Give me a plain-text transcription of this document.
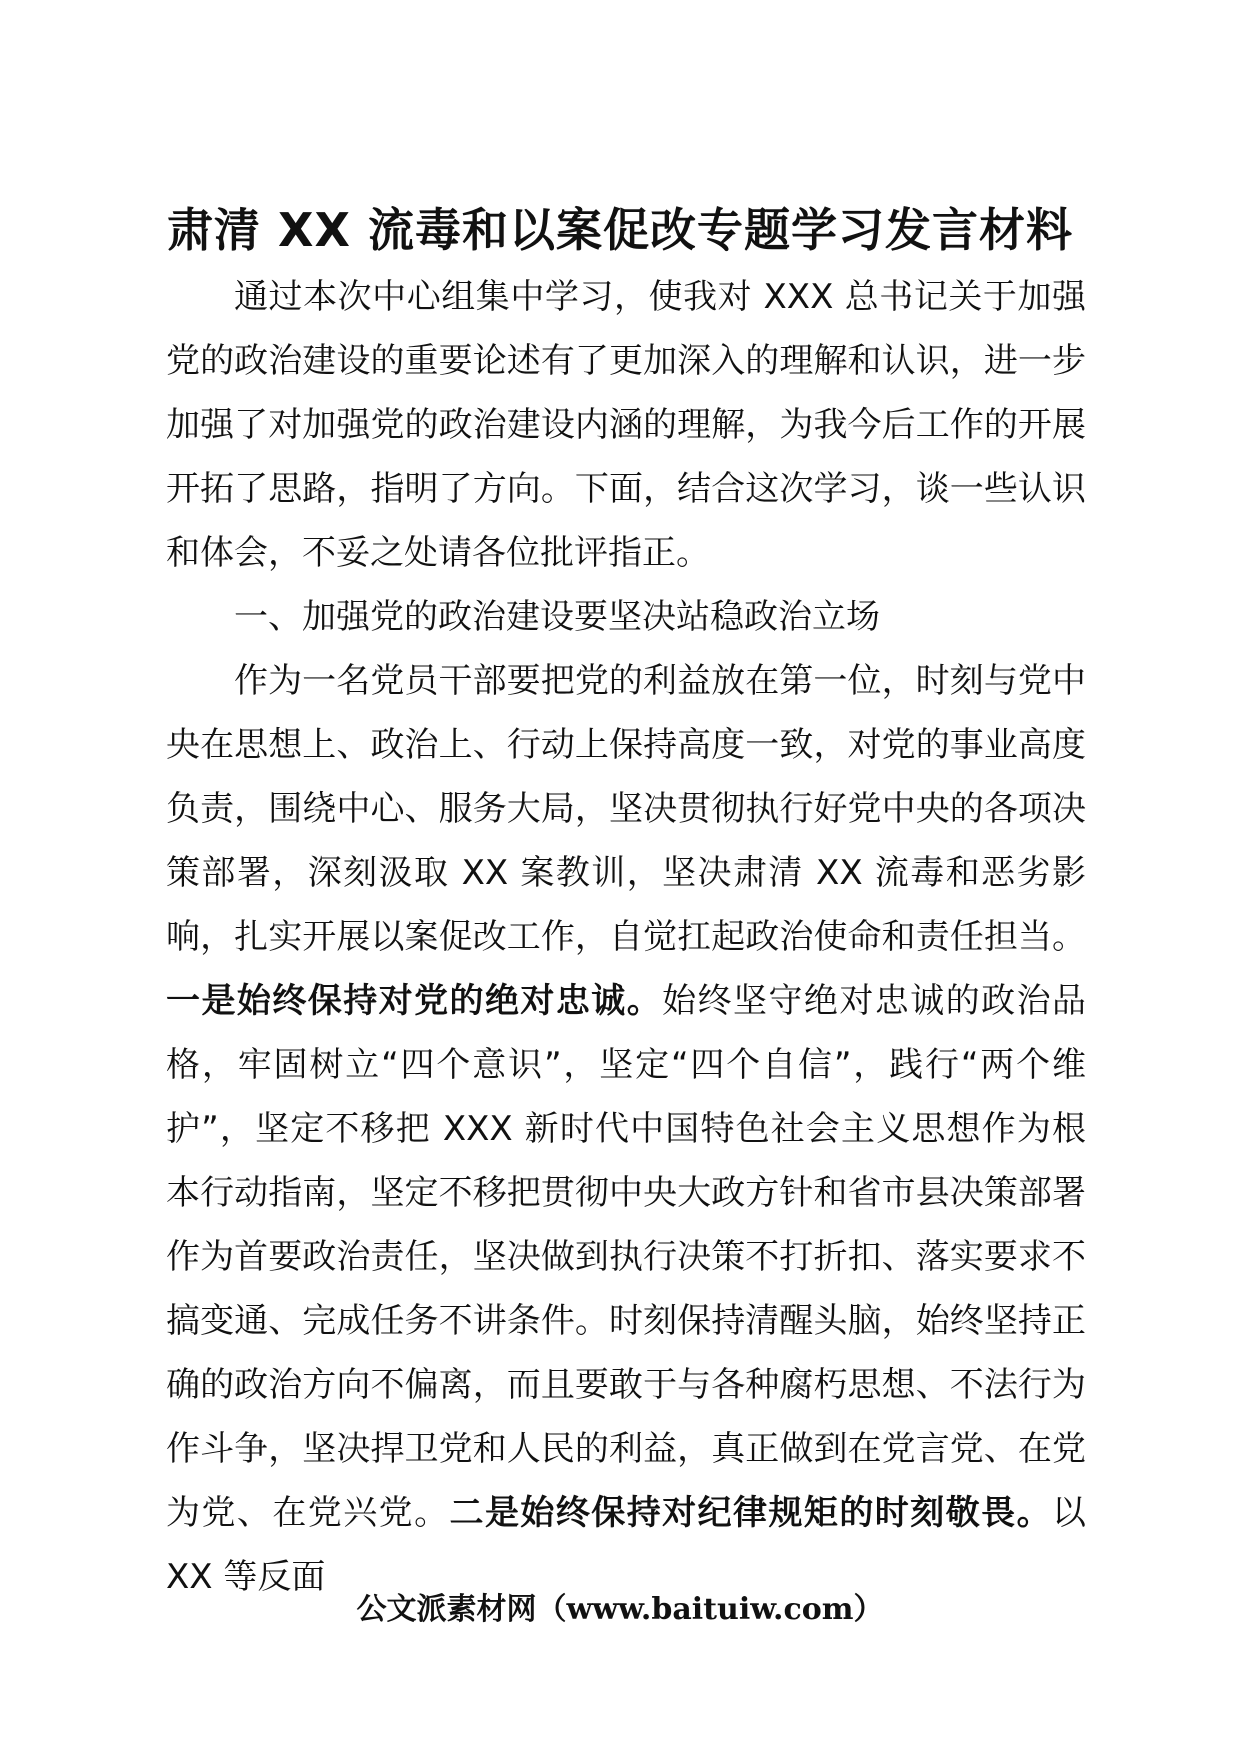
肃清 XX 流毒和以案促改专题学习发言材料

通过本次中心组集中学习，使我对 XXX 总书记关于加强党的政治建设的重要论述有了更加深入的理解和认识，进一步加强了对加强党的政治建设内涵的理解，为我今后工作的开展开拓了思路，指明了方向。下面，结合这次学习，谈一些认识和体会，不妥之处请各位批评指正。

一、加强党的政治建设要坚决站稳政治立场

作为一名党员干部要把党的利益放在第一位，时刻与党中央在思想上、政治上、行动上保持高度一致，对党的事业高度负责，围绕中心、服务大局，坚决贯彻执行好党中央的各项决策部署，深刻汲取 XX 案教训，坚决肃清 XX 流毒和恶劣影响，扎实开展以案促改工作，自觉扛起政治使命和责任担当。一是始终保持对党的绝对忠诚。始终坚守绝对忠诚的政治品格，牢固树立“四个意识”，坚定“四个自信”，践行“两个维护”，坚定不移把 XXX 新时代中国特色社会主义思想作为根本行动指南，坚定不移把贯彻中央大政方针和省市县决策部署作为首要政治责任，坚决做到执行决策不打折扣、落实要求不搞变通、完成任务不讲条件。时刻保持清醒头脑，始终坚持正确的政治方向不偏离，而且要敢于与各种腐朽思想、不法行为作斗争，坚决捍卫党和人民的利益，真正做到在党言党、在党为党、在党兴党。二是始终保持对纪律规矩的时刻敬畏。以 XX 等反面

公文派素材网（www.baituiw.com）
